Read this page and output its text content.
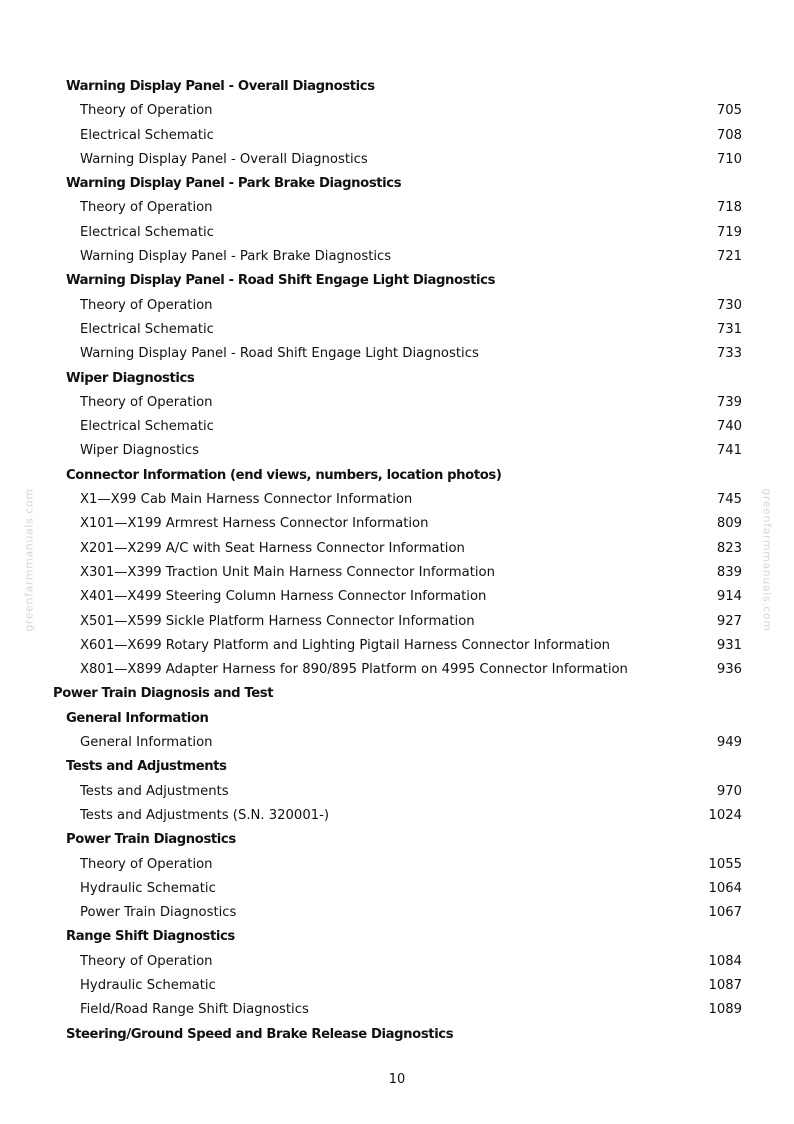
Warning Display Panel - Overall Diagnostics
Theory of Operation	705
Electrical Schematic	708
Warning Display Panel - Overall Diagnostics	710
Warning Display Panel - Park Brake Diagnostics
Theory of Operation	718
Electrical Schematic	719
Warning Display Panel - Park Brake Diagnostics	721
Warning Display Panel - Road Shift Engage Light Diagnostics
Theory of Operation	730
Electrical Schematic	731
Warning Display Panel - Road Shift Engage Light Diagnostics	733
Wiper Diagnostics
Theory of Operation	739
Electrical Schematic	740
Wiper Diagnostics	741
Connector Information (end views, numbers, location photos)
X1—X99 Cab Main Harness Connector Information	745
X101—X199 Armrest Harness Connector Information	809
X201—X299 A/C with Seat Harness Connector Information	823
X301—X399 Traction Unit Main Harness Connector Information	839
X401—X499 Steering Column Harness Connector Information	914
X501—X599 Sickle Platform Harness Connector Information	927
X601—X699 Rotary Platform and Lighting Pigtail Harness Connector Information	931
X801—X899 Adapter Harness for 890/895 Platform on 4995 Connector Information	936
Power Train Diagnosis and Test
General Information
General Information	949
Tests and Adjustments
Tests and Adjustments	970
Tests and Adjustments (S.N. 320001-)	1024
Power Train Diagnostics
Theory of Operation	1055
Hydraulic Schematic	1064
Power Train Diagnostics	1067
Range Shift Diagnostics
Theory of Operation	1084
Hydraulic Schematic	1087
Field/Road Range Shift Diagnostics	1089
Steering/Ground Speed and Brake Release Diagnostics
10
greenfarmmanuals.com	greenfarmmanuals.com
